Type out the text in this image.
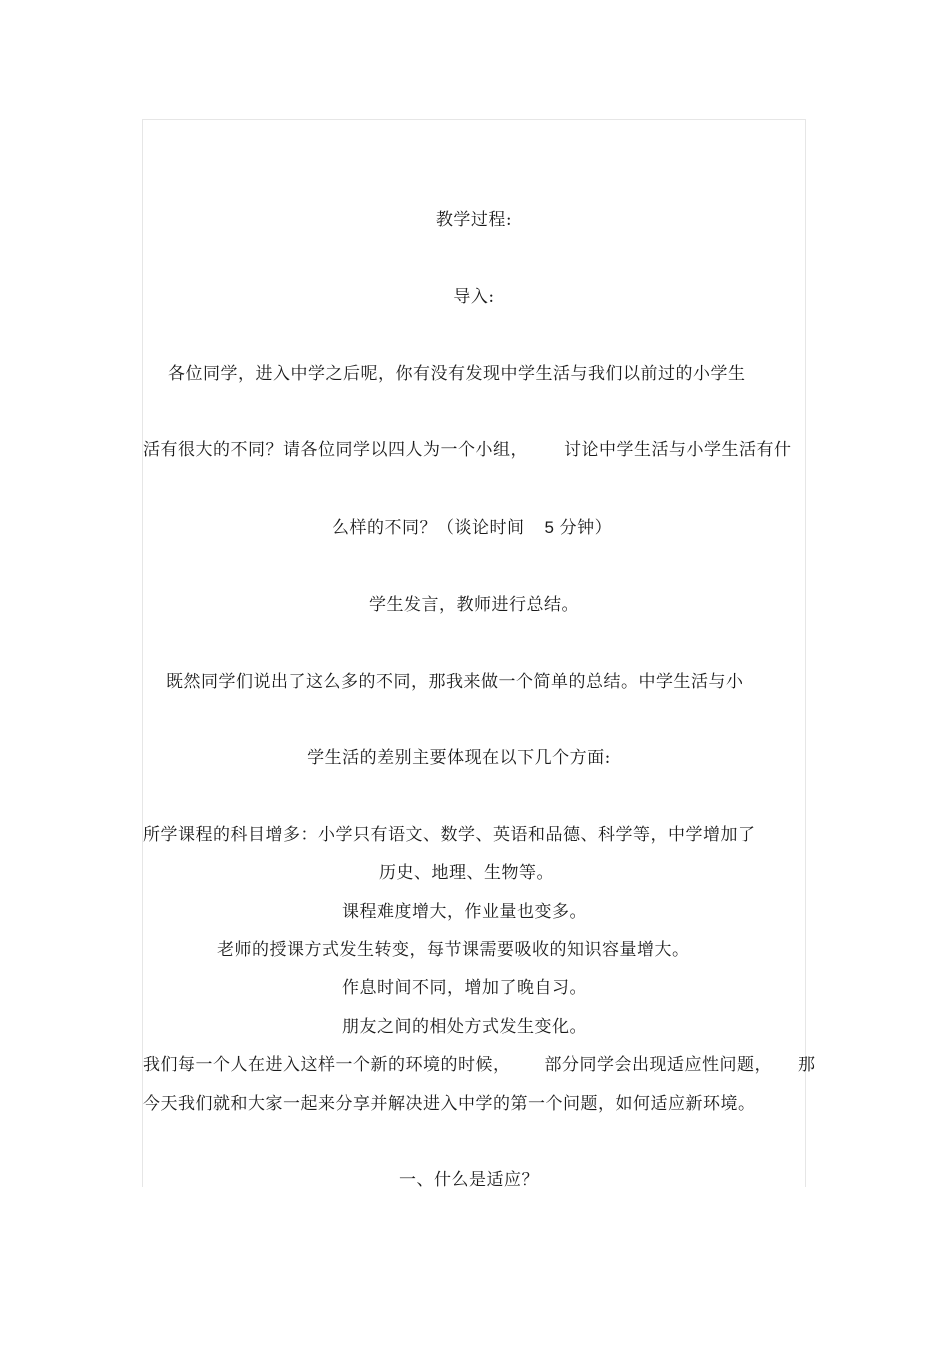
教学过程:
导入:
各位同学，进入中学之后呢，你有没有发现中学生活与我们以前过的小学生
活有很大的不同？请各位同学以四人为一个小组， 讨论中学生活与小学生活有什
么样的不同？（谈论时间 5 分钟）
学生发言，教师进行总结。
既然同学们说出了这么多的不同，那我来做一个简单的总结。中学生活与小
学生活的差别主要体现在以下几个方面:
所学课程的科目增多：小学只有语文、数学、英语和品德、科学等，中学增加了
历史、地理、生物等。
课程难度增大，作业量也变多。
老师的授课方式发生转变，每节课需要吸收的知识容量增大。
作息时间不同，增加了晚自习。
朋友之间的相处方式发生变化。
我们每一个人在进入这样一个新的环境的时候， 部分同学会出现适应性问题， 那
今天我们就和大家一起来分享并解决进入中学的第一个问题，如何适应新环境。
一、什么是适应？
